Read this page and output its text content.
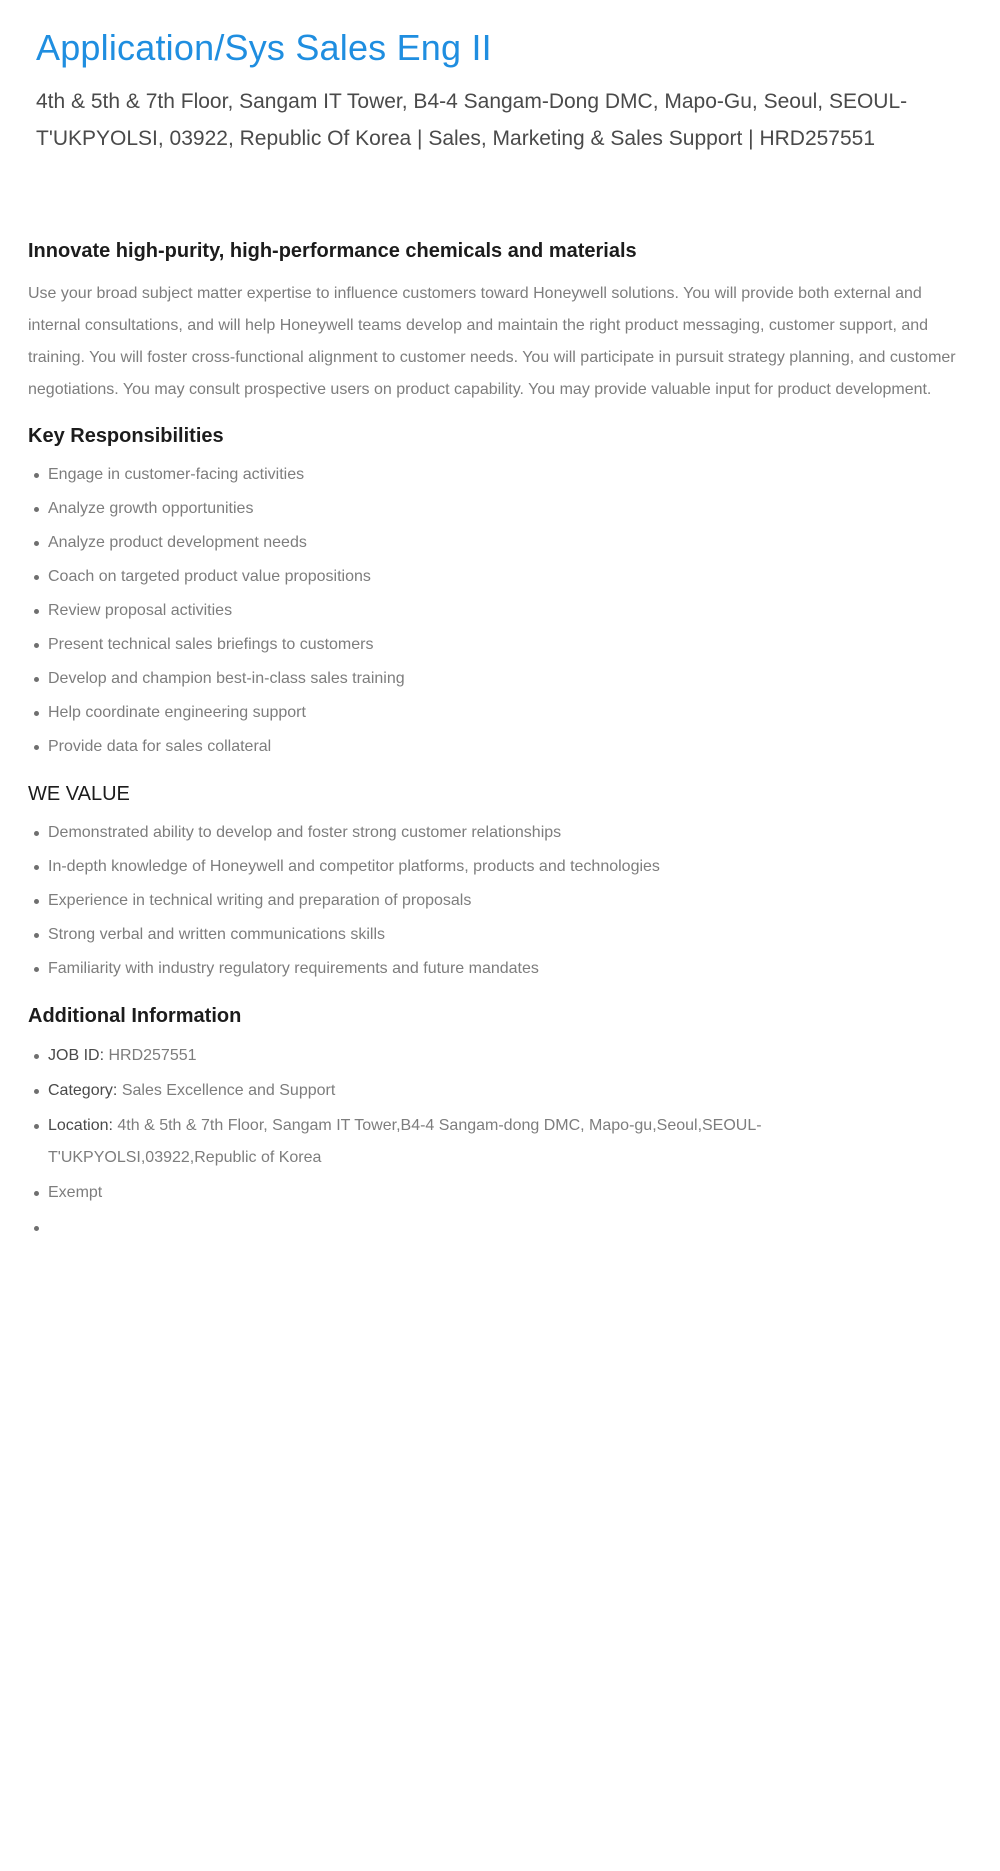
Application/Sys Sales Eng II

4th & 5th & 7th Floor, Sangam IT Tower, B4-4 Sangam-Dong DMC, Mapo-Gu, Seoul, SEOUL-T'UKPYOLSI, 03922, Republic Of Korea | Sales, Marketing & Sales Support | HRD257551

Innovate high-purity, high-performance chemicals and materials

Use your broad subject matter expertise to influence customers toward Honeywell solutions. You will provide both external and internal consultations, and will help Honeywell teams develop and maintain the right product messaging, customer support, and training. You will foster cross-functional alignment to customer needs. You will participate in pursuit strategy planning, and customer negotiations. You may consult prospective users on product capability. You may provide valuable input for product development.

Key Responsibilities
Engage in customer-facing activities
Analyze growth opportunities
Analyze product development needs
Coach on targeted product value propositions
Review proposal activities
Present technical sales briefings to customers
Develop and champion best-in-class sales training
Help coordinate engineering support
Provide data for sales collateral
WE VALUE
Demonstrated ability to develop and foster strong customer relationships
In-depth knowledge of Honeywell and competitor platforms, products and technologies
Experience in technical writing and preparation of proposals
Strong verbal and written communications skills
Familiarity with industry regulatory requirements and future mandates
Additional Information
JOB ID: HRD257551
Category: Sales Excellence and Support
Location: 4th & 5th & 7th Floor, Sangam IT Tower,B4-4 Sangam-dong DMC, Mapo-gu,Seoul,SEOUL-T'UKPYOLSI,03922,Republic of Korea
Exempt
